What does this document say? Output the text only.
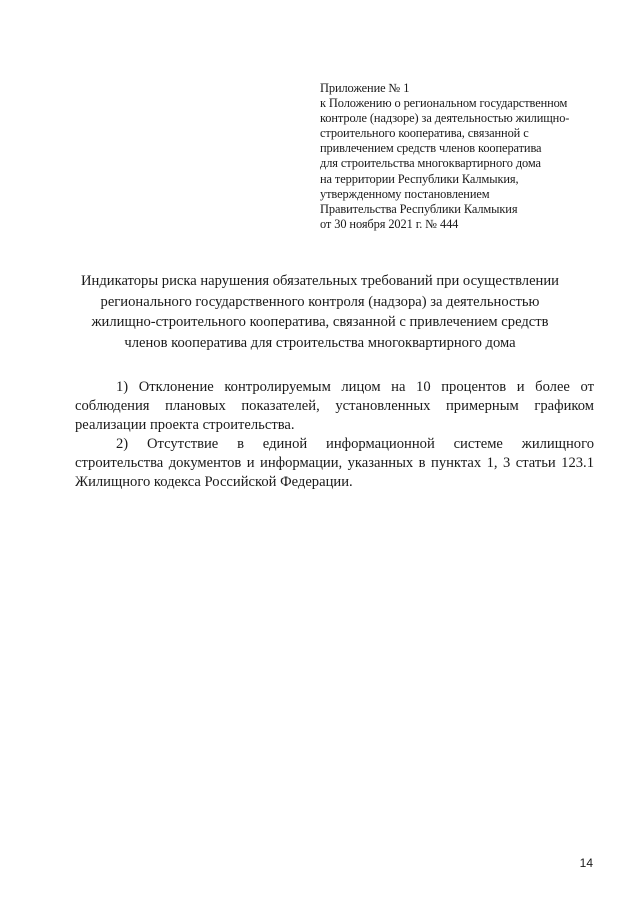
Приложение № 1
к Положению о региональном государственном
контроле (надзоре) за деятельностью жилищно-
строительного кооператива, связанной с
привлечением средств членов кооператива
для строительства многоквартирного дома
на территории Республики Калмыкия,
утвержденному постановлением
Правительства Республики Калмыкия
от 30 ноября 2021 г. № 444
Индикаторы риска нарушения обязательных требований при осуществлении
регионального государственного контроля (надзора) за деятельностью
жилищно-строительного кооператива, связанной с привлечением средств
членов кооператива для строительства многоквартирного дома

1) Отклонение контролируемым лицом на 10 процентов и более от соблюдения плановых показателей, установленных примерным графиком реализации проекта строительства.

2) Отсутствие в единой информационной системе жилищного строительства документов и информации, указанных в пунктах 1, 3 статьи 123.1 Жилищного кодекса Российской Федерации.

14
